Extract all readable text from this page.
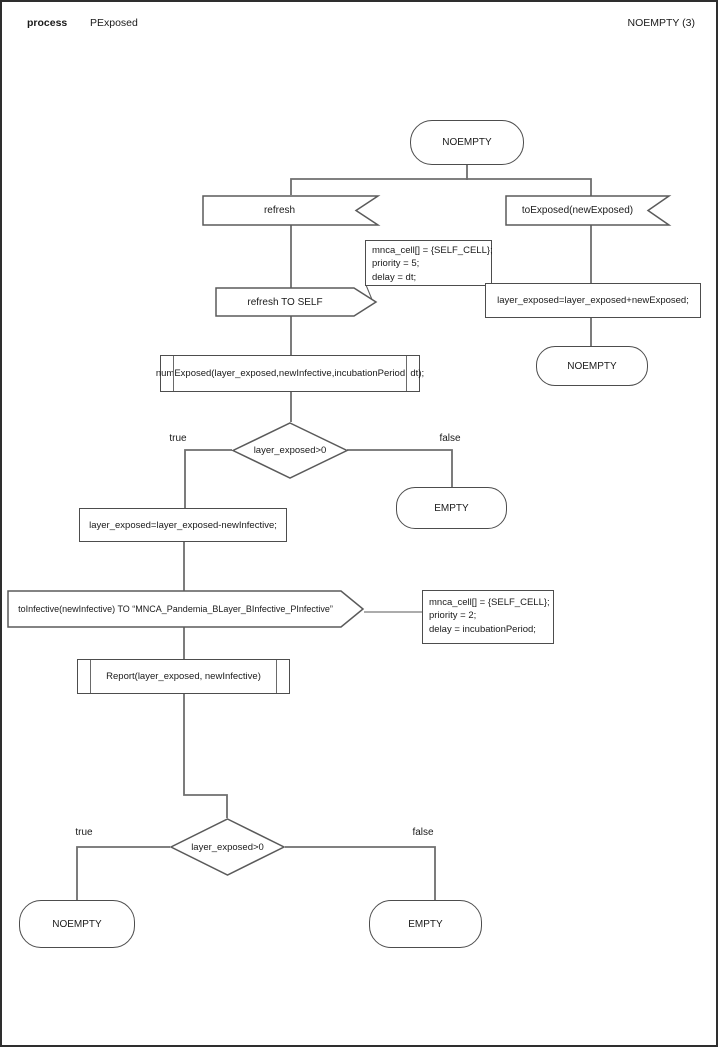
process PExposed	NOEMPTY (3)
NOEMPTY
refresh	toExposed(newExposed)
refresh TO SELF
mnca_cell[] = {SELF_CELL};
priority = 5;
delay = dt;
layer_exposed=layer_exposed+newExposed;
NOEMPTY
numExposed(layer_exposed,newInfective,incubationPeriod, dt);
layer_exposed>0
true	false
EMPTY
layer_exposed=layer_exposed-newInfective;
toInfective(newInfective) TO “MNCA_Pandemia_BLayer_BInfective_PInfective”
mnca_cell[] = {SELF_CELL};
priority = 2;
delay = incubationPeriod;
Report(layer_exposed, newInfective)
layer_exposed>0
true	false
NOEMPTY	EMPTY
